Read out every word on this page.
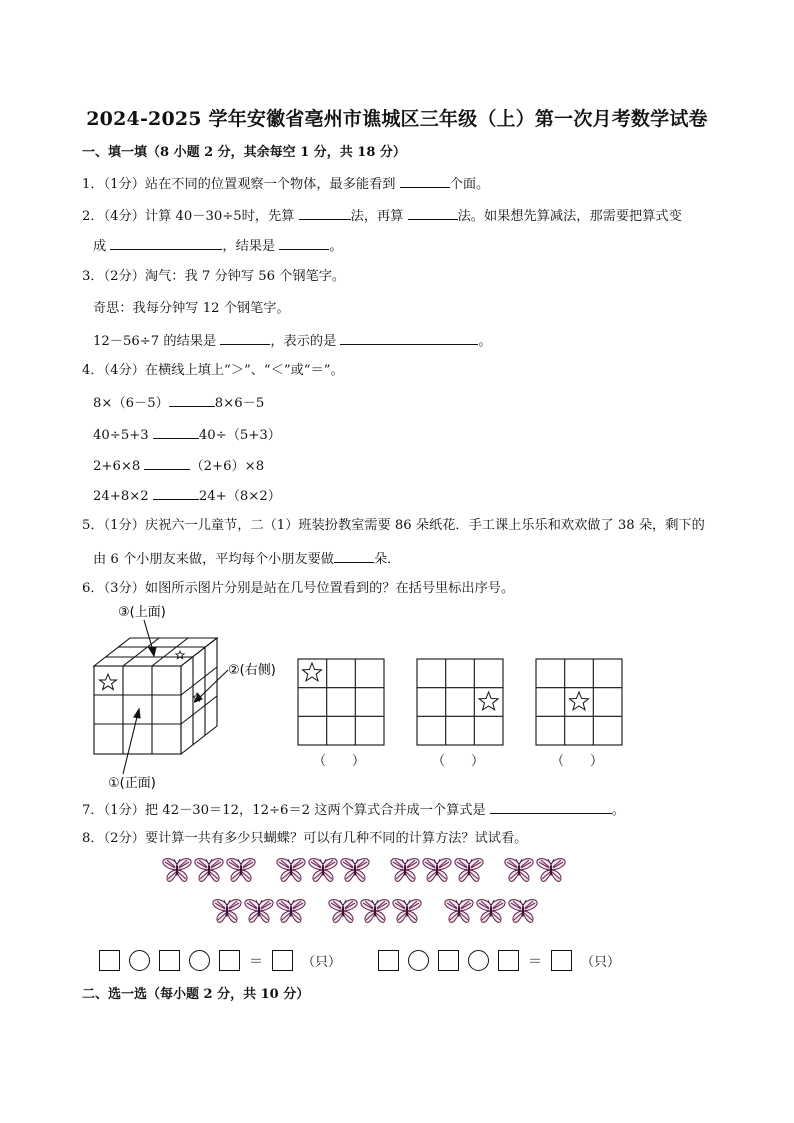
2024-2025 学年安徽省亳州市谯城区三年级（上）第一次月考数学试卷
一、填一填（8 小题 2 分，其余每空 1 分，共 18 分）
1．（1分）站在不同的位置观察一个物体，最多能看到	个面。
2．（4分）计算 40－30÷5时，先算	法，再算	法。如果想先算减法，那需要把算式变
成	，结果是	。
3．（2分）淘气：我 7 分钟写 56 个钢笔字。
奇思：我每分钟写 12 个钢笔字。
12－56÷7 的结果是	，表示的是	。
4．（4分）在横线上填上“＞”、“＜”或“＝”。
8×（6－5）	8×6－5
40÷5+3	40÷（5+3）
2+6×8	（2+6）×8
24+8×2	24+（8×2）
5．（1分）庆祝六一儿童节，二（1）班装扮教室需要 86 朵纸花．手工课上乐乐和欢欢做了 38 朵，剩下的
由 6 个小朋友来做，平均每个小朋友要做	朵．
6．（3分）如图所示图片分别是站在几号位置看到的？在括号里标出序号。
③(上面)
②(右侧)
①(正面)
（　　）	（　　）	（　　）
7．（1分）把 42－30＝12，12÷6＝2 这两个算式合并成一个算式是	。
8．（2分）要计算一共有多少只蝴蝶？可以有几种不同的计算方法？试试看。
＝	（只）	＝	（只）
二、选一选（每小题 2 分，共 10 分）
